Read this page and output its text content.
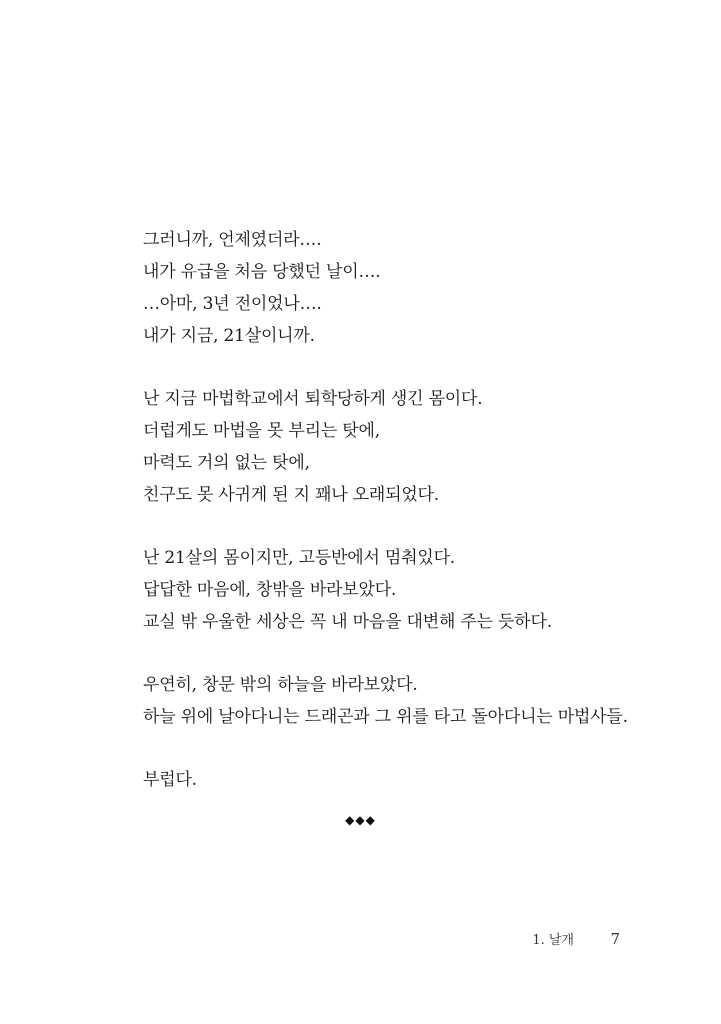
그러니까, 언제였더라….
내가 유급을 처음 당했던 날이….
…아마, 3년 전이었나….
내가 지금, 21살이니까.
난 지금 마법학교에서 퇴학당하게 생긴 몸이다.
더럽게도 마법을 못 부리는 탓에,
마력도 거의 없는 탓에,
친구도 못 사귀게 된 지 꽤나 오래되었다.
난 21살의 몸이지만, 고등반에서 멈춰있다.
답답한 마음에, 창밖을 바라보았다.
교실 밖 우울한 세상은 꼭 내 마음을 대변해 주는 듯하다.
우연히, 창문 밖의 하늘을 바라보았다.
하늘 위에 날아다니는 드래곤과 그 위를 타고 돌아다니는 마법사들.
부럽다.
◆◆◆
1. 날개 7
